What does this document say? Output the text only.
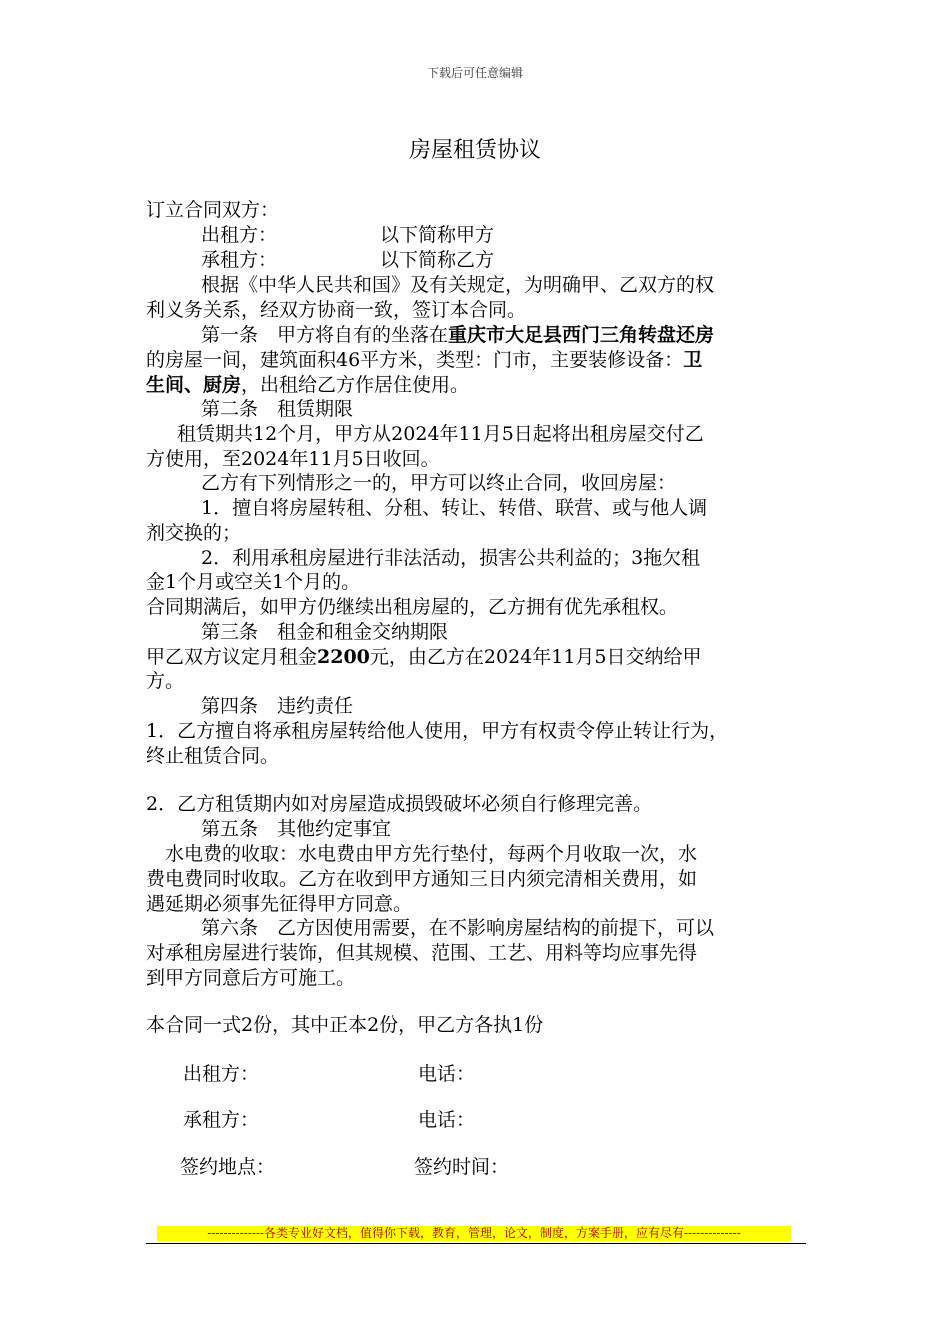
下载后可任意编辑
房屋租赁协议
订立合同双方：
出租方：	以下简称甲方
承租方：	以下简称乙方
根据《中华人民共和国》及有关规定，为明确甲、乙双方的权
利义务关系，经双方协商一致，签订本合同。
第一条　甲方将自有的坐落在重庆市大足县西门三角转盘还房
的房屋一间，建筑面积46平方米，类型：门市，主要装修设备：卫
生间、厨房，出租给乙方作居住使用。
第二条　租赁期限
租赁期共12个月，甲方从2024年11月5日起将出租房屋交付乙
方使用，至2024年11月5日收回。
乙方有下列情形之一的，甲方可以终止合同，收回房屋：
1．擅自将房屋转租、分租、转让、转借、联营、或与他人调
剂交换的；
2．利用承租房屋进行非法活动，损害公共利益的；3拖欠租
金1个月或空关1个月的。
合同期满后，如甲方仍继续出租房屋的，乙方拥有优先承租权。
第三条　租金和租金交纳期限
甲乙双方议定月租金2200元，由乙方在2024年11月5日交纳给甲
方。
第四条　违约责任
1．乙方擅自将承租房屋转给他人使用，甲方有权责令停止转让行为，
终止租赁合同。
2．乙方租赁期内如对房屋造成损毁破坏必须自行修理完善。
第五条　其他约定事宜
水电费的收取：水电费由甲方先行垫付，每两个月收取一次，水
费电费同时收取。乙方在收到甲方通知三日内须完清相关费用，如
遇延期必须事先征得甲方同意。
第六条　乙方因使用需要，在不影响房屋结构的前提下，可以
对承租房屋进行装饰，但其规模、范围、工艺、用料等均应事先得
到甲方同意后方可施工。
本合同一式2份，其中正本2份，甲乙方各执1份
出租方：	电话：
承租方：	电话：
签约地点：	签约时间：
--------------各类专业好文档，值得你下载，教育，管理，论文，制度，方案手册，应有尽有--------------
